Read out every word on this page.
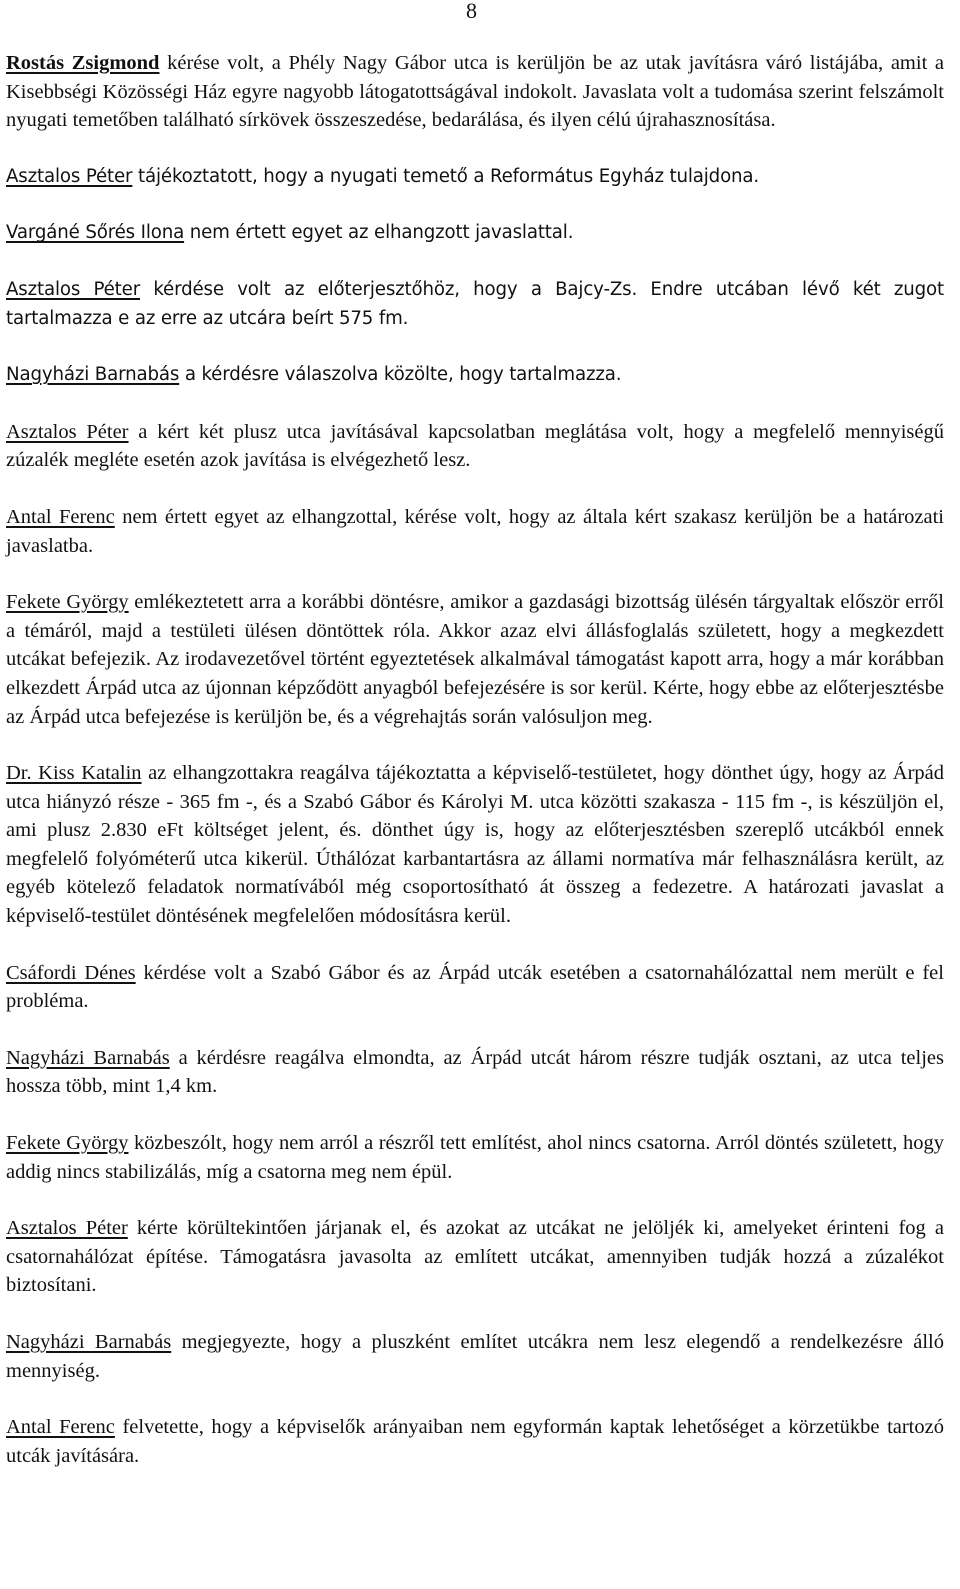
8

Rostás Zsigmond kérése volt, a Phély Nagy Gábor utca is kerüljön be az utak javításra váró listájába, amit a Kisebbségi Közösségi Ház egyre nagyobb látogatottságával indokolt. Javaslata volt a tudomása szerint felszámolt nyugati temetőben található sírkövek összeszedése, bedarálása, és ilyen célú újrahasznosítása.

Asztalos Péter tájékoztatott, hogy a nyugati temető a Református Egyház tulajdona.

Vargáné Sőrés Ilona nem értett egyet az elhangzott javaslattal.

Asztalos Péter kérdése volt az előterjesztőhöz, hogy a Bajcy-Zs. Endre utcában lévő két zugot tartalmazza e az erre az utcára beírt 575 fm.

Nagyházi Barnabás a kérdésre válaszolva közölte, hogy tartalmazza.

Asztalos Péter a kért két plusz utca javításával kapcsolatban meglátása volt, hogy a megfelelő mennyiségű zúzalék megléte esetén azok javítása is elvégezhető lesz.

Antal Ferenc nem értett egyet az elhangzottal, kérése volt, hogy az általa kért szakasz kerüljön be a határozati javaslatba.

Fekete György emlékeztetett arra a korábbi döntésre, amikor a gazdasági bizottság ülésén tárgyaltak először erről a témáról, majd a testületi ülésen döntöttek róla. Akkor azaz elvi állásfoglalás született, hogy a megkezdett utcákat befejezik. Az irodavezetővel történt egyeztetések alkalmával támogatást kapott arra, hogy a már korábban elkezdett Árpád utca az újonnan képződött anyagból befejezésére is sor kerül. Kérte, hogy ebbe az előterjesztésbe az Árpád utca befejezése is kerüljön be, és a végrehajtás során valósuljon meg.

Dr. Kiss Katalin az elhangzottakra reagálva tájékoztatta a képviselő-testületet, hogy dönthet úgy, hogy az Árpád utca hiányzó része - 365 fm -, és a Szabó Gábor és Károlyi M. utca közötti szakasza - 115 fm -, is készüljön el, ami plusz 2.830 eFt költséget jelent, és. dönthet úgy is, hogy az előterjesztésben szereplő utcákból ennek megfelelő folyóméterű utca kikerül. Úthálózat karbantartásra az állami normatíva már felhasználásra került, az egyéb kötelező feladatok normatívából még csoportosítható át összeg a fedezetre. A határozati javaslat a képviselő-testület döntésének megfelelően módosításra kerül.

Csáfordi Dénes kérdése volt a Szabó Gábor és az Árpád utcák esetében a csatornahálózattal nem merült e fel probléma.

Nagyházi Barnabás a kérdésre reagálva elmondta, az Árpád utcát három részre tudják osztani, az utca teljes hossza több, mint 1,4 km.

Fekete György közbeszólt, hogy nem arról a részről tett említést, ahol nincs csatorna. Arról döntés született, hogy addig nincs stabilizálás, míg a csatorna meg nem épül.

Asztalos Péter kérte körültekintően járjanak el, és azokat az utcákat ne jelöljék ki, amelyeket érinteni fog a csatornahálózat építése. Támogatásra javasolta az említett utcákat, amennyiben tudják hozzá a zúzalékot biztosítani.

Nagyházi Barnabás megjegyezte, hogy a pluszként említet utcákra nem lesz elegendő a rendelkezésre álló mennyiség.

Antal Ferenc felvetette, hogy a képviselők arányaiban nem egyformán kaptak lehetőséget a körzetükbe tartozó utcák javítására.
